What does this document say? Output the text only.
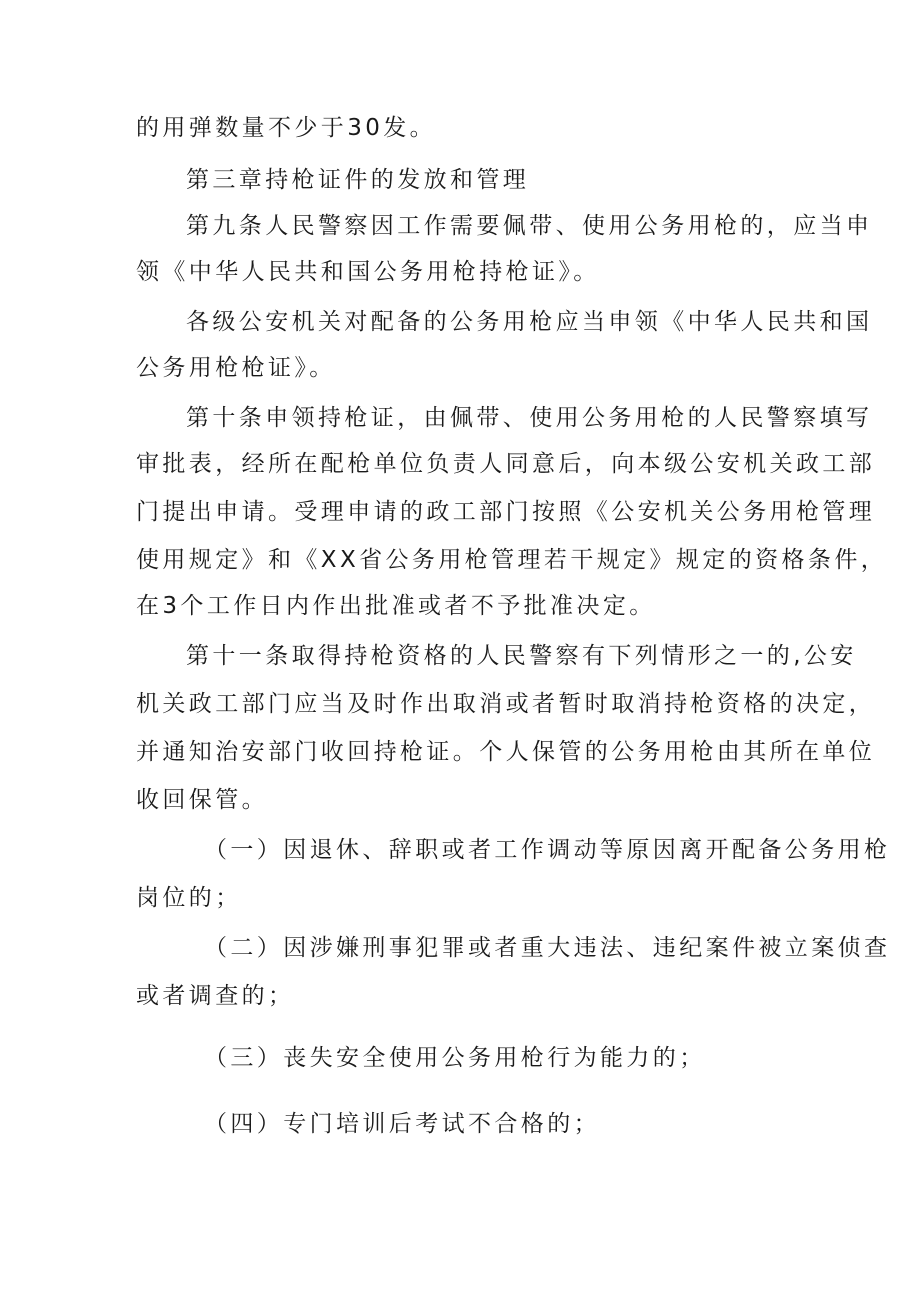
的用弹数量不少于30发。
第三章持枪证件的发放和管理
第九条人民警察因工作需要佩带、使用公务用枪的，应当申
领《中华人民共和国公务用枪持枪证》。
各级公安机关对配备的公务用枪应当申领《中华人民共和国
公务用枪枪证》。
第十条申领持枪证，由佩带、使用公务用枪的人民警察填写
审批表，经所在配枪单位负责人同意后，向本级公安机关政工部
门提出申请。受理申请的政工部门按照《公安机关公务用枪管理
使用规定》和《XX省公务用枪管理若干规定》规定的资格条件，
在3个工作日内作出批准或者不予批准决定。
第十一条取得持枪资格的人民警察有下列情形之一的,公安
机关政工部门应当及时作出取消或者暂时取消持枪资格的决定，
并通知治安部门收回持枪证。个人保管的公务用枪由其所在单位
收回保管。
（一）因退休、辞职或者工作调动等原因离开配备公务用枪
岗位的；
（二）因涉嫌刑事犯罪或者重大违法、违纪案件被立案侦查
或者调查的；
（三）丧失安全使用公务用枪行为能力的；
（四）专门培训后考试不合格的；
